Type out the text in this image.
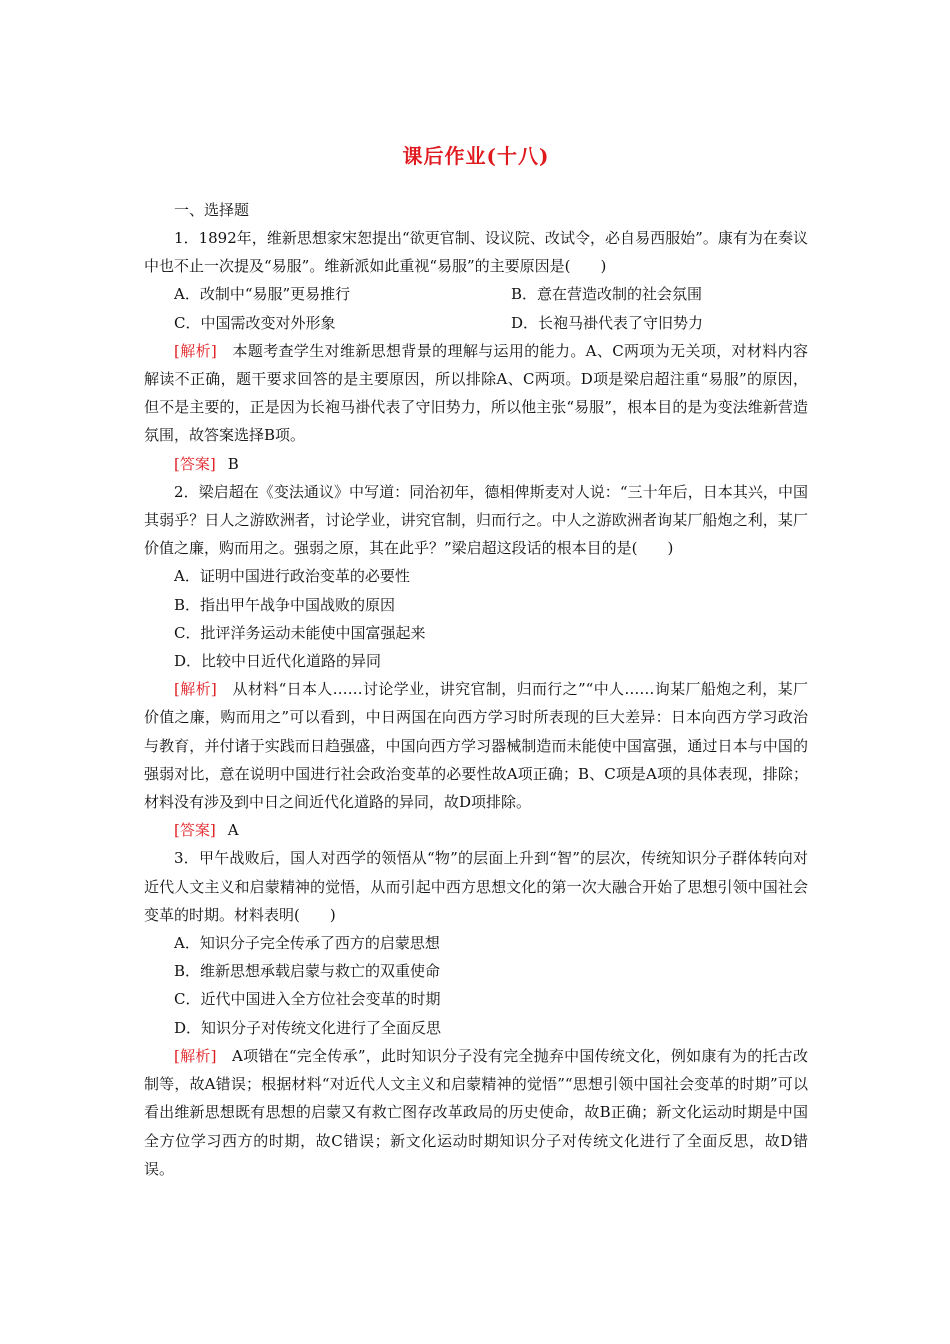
课后作业(十八)
一、选择题

1．1892年，维新思想家宋恕提出“欲更官制、设议院、改试令，必自易西服始”。康有为在奏议中也不止一次提及“易服”。维新派如此重视“易服”的主要原因是(　　)

A．改制中“易服”更易推行	B．意在营造改制的社会氛围
C．中国需改变对外形象	D．长袍马褂代表了守旧势力

[解析]　 本题考查学生对维新思想背景的理解与运用的能力。A、C两项为无关项，对材料内容解读不正确，题干要求回答的是主要原因，所以排除A、C两项。D项是梁启超注重“易服”的原因，但不是主要的，正是因为长袍马褂代表了守旧势力，所以他主张“易服”，根本目的是为变法维新营造氛围，故答案选择B项。

[答案] B

2．梁启超在《变法通议》中写道：同治初年，德相俾斯麦对人说：“三十年后，日本其兴，中国其弱乎？日人之游欧洲者，讨论学业，讲究官制，归而行之。中人之游欧洲者询某厂船炮之利，某厂价值之廉，购而用之。强弱之原，其在此乎？”梁启超这段话的根本目的是(　　)

A．证明中国进行政治变革的必要性
B．指出甲午战争中国战败的原因
C．批评洋务运动未能使中国富强起来
D．比较中日近代化道路的异同

[解析]　 从材料“日本人……讨论学业，讲究官制，归而行之”“中人……询某厂船炮之利，某厂价值之廉，购而用之”可以看到，中日两国在向西方学习时所表现的巨大差异：日本向西方学习政治与教育，并付诸于实践而日趋强盛，中国向西方学习器械制造而未能使中国富强，通过日本与中国的强弱对比，意在说明中国进行社会政治变革的必要性故A项正确；B、C项是A项的具体表现，排除；材料没有涉及到中日之间近代化道路的异同，故D项排除。

[答案] A

3．甲午战败后，国人对西学的领悟从“物”的层面上升到“智”的层次，传统知识分子群体转向对近代人文主义和启蒙精神的觉悟，从而引起中西方思想文化的第一次大融合开始了思想引领中国社会变革的时期。材料表明(　　)

A．知识分子完全传承了西方的启蒙思想
B．维新思想承载启蒙与救亡的双重使命
C．近代中国进入全方位社会变革的时期
D．知识分子对传统文化进行了全面反思

[解析]　 A项错在“完全传承”，此时知识分子没有完全抛弃中国传统文化，例如康有为的托古改制等，故A错误；根据材料“对近代人文主义和启蒙精神的觉悟”“思想引领中国社会变革的时期”可以看出维新思想既有思想的启蒙又有救亡图存改革政局的历史使命，故B正确；新文化运动时期是中国全方位学习西方的时期，故C错误；新文化运动时期知识分子对传统文化进行了全面反思，故D错误。
